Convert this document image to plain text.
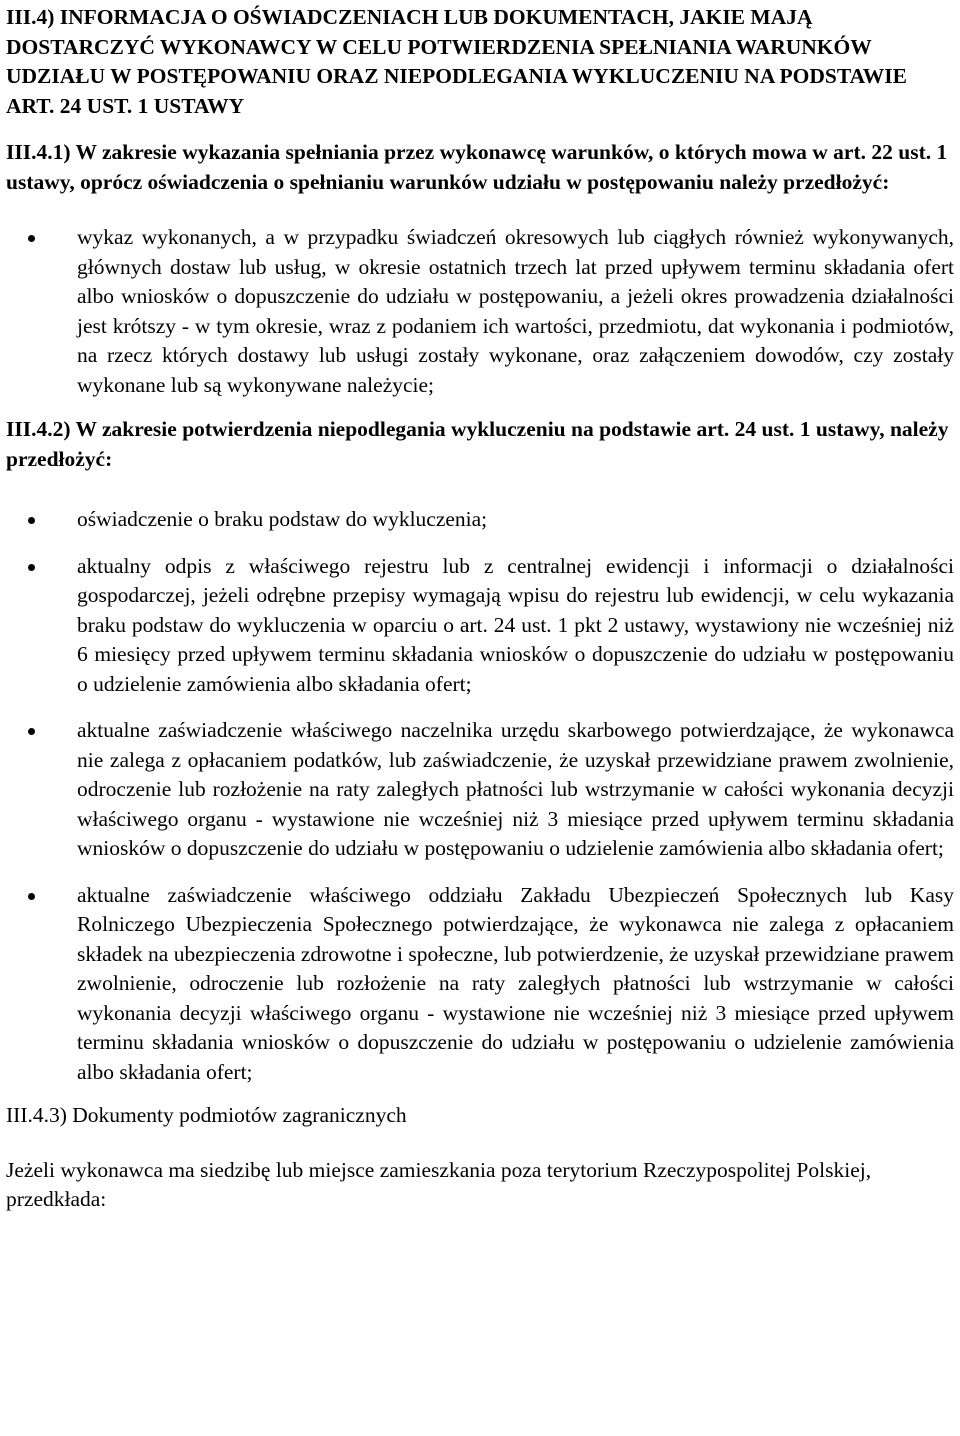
III.4) INFORMACJA O OŚWIADCZENIACH LUB DOKUMENTACH, JAKIE MAJĄ DOSTARCZYĆ WYKONAWCY W CELU POTWIERDZENIA SPEŁNIANIA WARUNKÓW UDZIAŁU W POSTĘPOWANIU ORAZ NIEPODLEGANIA WYKLUCZENIU NA PODSTAWIE ART. 24 UST. 1 USTAWY

III.4.1) W zakresie wykazania spełniania przez wykonawcę warunków, o których mowa w art. 22 ust. 1 ustawy, oprócz oświadczenia o spełnianiu warunków udziału w postępowaniu należy przedłożyć:

wykaz wykonanych, a w przypadku świadczeń okresowych lub ciągłych również wykonywanych, głównych dostaw lub usług, w okresie ostatnich trzech lat przed upływem terminu składania ofert albo wniosków o dopuszczenie do udziału w postępowaniu, a jeżeli okres prowadzenia działalności jest krótszy - w tym okresie, wraz z podaniem ich wartości, przedmiotu, dat wykonania i podmiotów, na rzecz których dostawy lub usługi zostały wykonane, oraz załączeniem dowodów, czy zostały wykonane lub są wykonywane należycie;

III.4.2) W zakresie potwierdzenia niepodlegania wykluczeniu na podstawie art. 24 ust. 1 ustawy, należy przedłożyć:

oświadczenie o braku podstaw do wykluczenia;
aktualny odpis z właściwego rejestru lub z centralnej ewidencji i informacji o działalności gospodarczej, jeżeli odrębne przepisy wymagają wpisu do rejestru lub ewidencji, w celu wykazania braku podstaw do wykluczenia w oparciu o art. 24 ust. 1 pkt 2 ustawy, wystawiony nie wcześniej niż 6 miesięcy przed upływem terminu składania wniosków o dopuszczenie do udziału w postępowaniu o udzielenie zamówienia albo składania ofert;
aktualne zaświadczenie właściwego naczelnika urzędu skarbowego potwierdzające, że wykonawca nie zalega z opłacaniem podatków, lub zaświadczenie, że uzyskał przewidziane prawem zwolnienie, odroczenie lub rozłożenie na raty zaległych płatności lub wstrzymanie w całości wykonania decyzji właściwego organu - wystawione nie wcześniej niż 3 miesiące przed upływem terminu składania wniosków o dopuszczenie do udziału w postępowaniu o udzielenie zamówienia albo składania ofert;
aktualne zaświadczenie właściwego oddziału Zakładu Ubezpieczeń Społecznych lub Kasy Rolniczego Ubezpieczenia Społecznego potwierdzające, że wykonawca nie zalega z opłacaniem składek na ubezpieczenia zdrowotne i społeczne, lub potwierdzenie, że uzyskał przewidziane prawem zwolnienie, odroczenie lub rozłożenie na raty zaległych płatności lub wstrzymanie w całości wykonania decyzji właściwego organu - wystawione nie wcześniej niż 3 miesiące przed upływem terminu składania wniosków o dopuszczenie do udziału w postępowaniu o udzielenie zamówienia albo składania ofert;

III.4.3) Dokumenty podmiotów zagranicznych

Jeżeli wykonawca ma siedzibę lub miejsce zamieszkania poza terytorium Rzeczypospolitej Polskiej, przedkłada:
